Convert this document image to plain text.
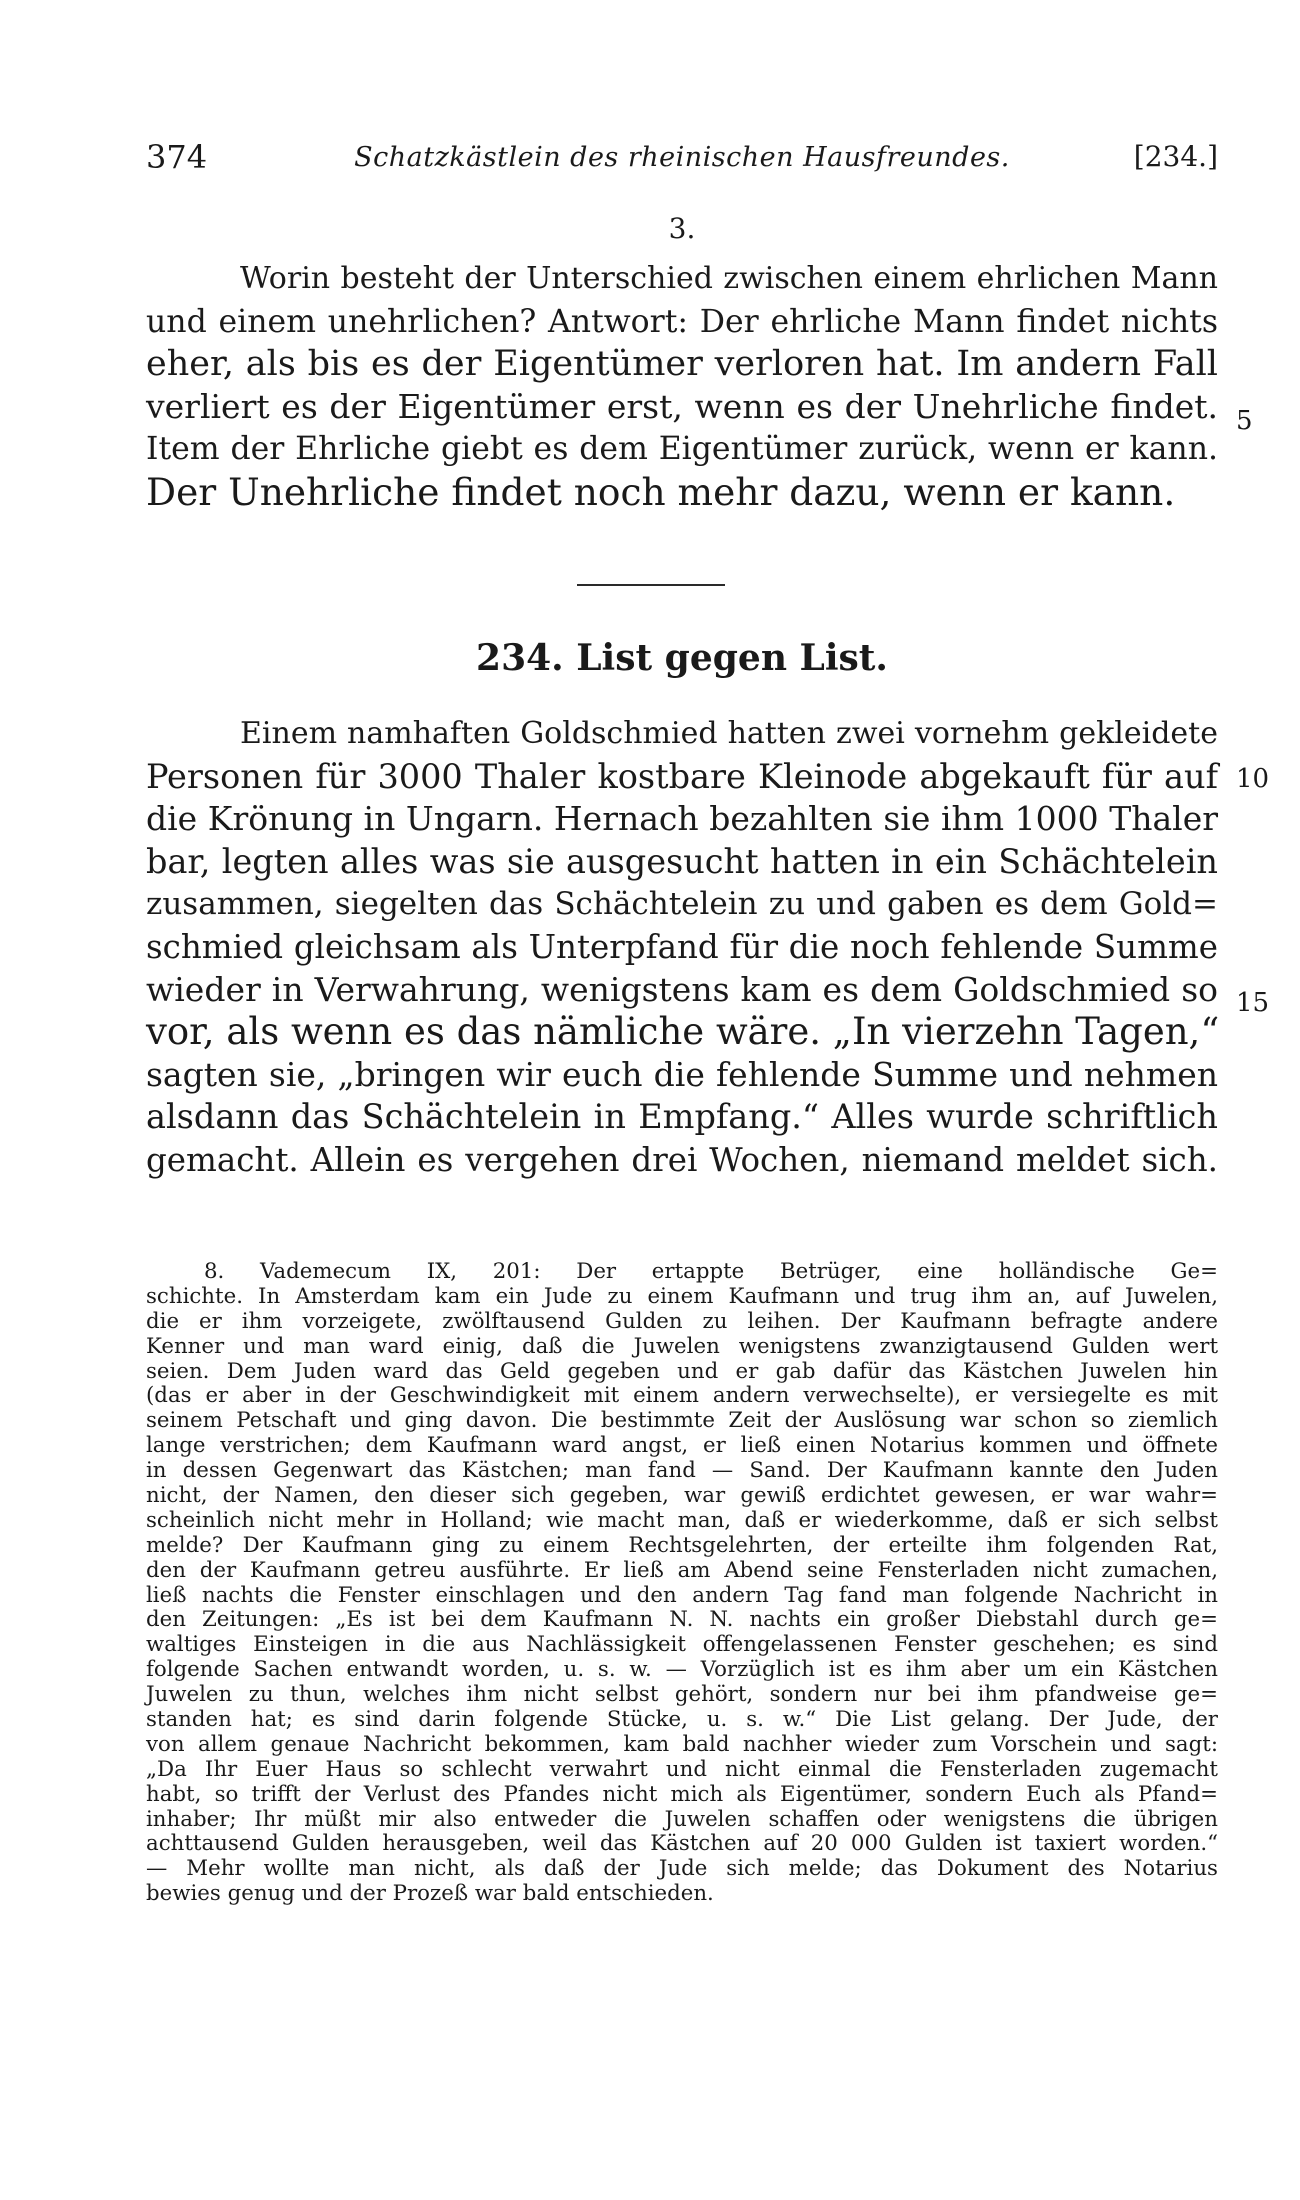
374	Schatzkästlein des rheinischen Hausfreundes.	[234.]
3.
Worin besteht der Unterschied zwischen einem ehrlichen Mann
und einem unehrlichen? Antwort: Der ehrliche Mann findet nichts
eher, als bis es der Eigentümer verloren hat. Im andern Fall
verliert es der Eigentümer erst, wenn es der Unehrliche findet.
Item der Ehrliche giebt es dem Eigentümer zurück, wenn er kann.
Der Unehrliche findet noch mehr dazu, wenn er kann.
5
234. List gegen List.
Einem namhaften Goldschmied hatten zwei vornehm gekleidete
Personen für 3000 Thaler kostbare Kleinode abgekauft für auf
die Krönung in Ungarn. Hernach bezahlten sie ihm 1000 Thaler
bar, legten alles was sie ausgesucht hatten in ein Schächtelein
zusammen, siegelten das Schächtelein zu und gaben es dem Gold=
schmied gleichsam als Unterpfand für die noch fehlende Summe
wieder in Verwahrung, wenigstens kam es dem Goldschmied so
vor, als wenn es das nämliche wäre. „In vierzehn Tagen,“
sagten sie, „bringen wir euch die fehlende Summe und nehmen
alsdann das Schächtelein in Empfang.“ Alles wurde schriftlich
gemacht. Allein es vergehen drei Wochen, niemand meldet sich.
10
15
8. Vademecum IX, 201: Der ertappte Betrüger, eine holländische Ge=
schichte. In Amsterdam kam ein Jude zu einem Kaufmann und trug ihm an, auf Juwelen,
die er ihm vorzeigete, zwölftausend Gulden zu leihen. Der Kaufmann befragte andere
Kenner und man ward einig, daß die Juwelen wenigstens zwanzigtausend Gulden wert
seien. Dem Juden ward das Geld gegeben und er gab dafür das Kästchen Juwelen hin
(das er aber in der Geschwindigkeit mit einem andern verwechselte), er versiegelte es mit
seinem Petschaft und ging davon. Die bestimmte Zeit der Auslösung war schon so ziemlich
lange verstrichen; dem Kaufmann ward angst, er ließ einen Notarius kommen und öffnete
in dessen Gegenwart das Kästchen; man fand — Sand. Der Kaufmann kannte den Juden
nicht, der Namen, den dieser sich gegeben, war gewiß erdichtet gewesen, er war wahr=
scheinlich nicht mehr in Holland; wie macht man, daß er wiederkomme, daß er sich selbst
melde? Der Kaufmann ging zu einem Rechtsgelehrten, der erteilte ihm folgenden Rat,
den der Kaufmann getreu ausführte. Er ließ am Abend seine Fensterladen nicht zumachen,
ließ nachts die Fenster einschlagen und den andern Tag fand man folgende Nachricht in
den Zeitungen: „Es ist bei dem Kaufmann N. N. nachts ein großer Diebstahl durch ge=
waltiges Einsteigen in die aus Nachlässigkeit offengelassenen Fenster geschehen; es sind
folgende Sachen entwandt worden, u. s. w. — Vorzüglich ist es ihm aber um ein Kästchen
Juwelen zu thun, welches ihm nicht selbst gehört, sondern nur bei ihm pfandweise ge=
standen hat; es sind darin folgende Stücke, u. s. w.“ Die List gelang. Der Jude, der
von allem genaue Nachricht bekommen, kam bald nachher wieder zum Vorschein und sagt:
„Da Ihr Euer Haus so schlecht verwahrt und nicht einmal die Fensterladen zugemacht
habt, so trifft der Verlust des Pfandes nicht mich als Eigentümer, sondern Euch als Pfand=
inhaber; Ihr müßt mir also entweder die Juwelen schaffen oder wenigstens die übrigen
achttausend Gulden herausgeben, weil das Kästchen auf 20 000 Gulden ist taxiert worden.“
— Mehr wollte man nicht, als daß der Jude sich melde; das Dokument des Notarius
bewies genug und der Prozeß war bald entschieden.
